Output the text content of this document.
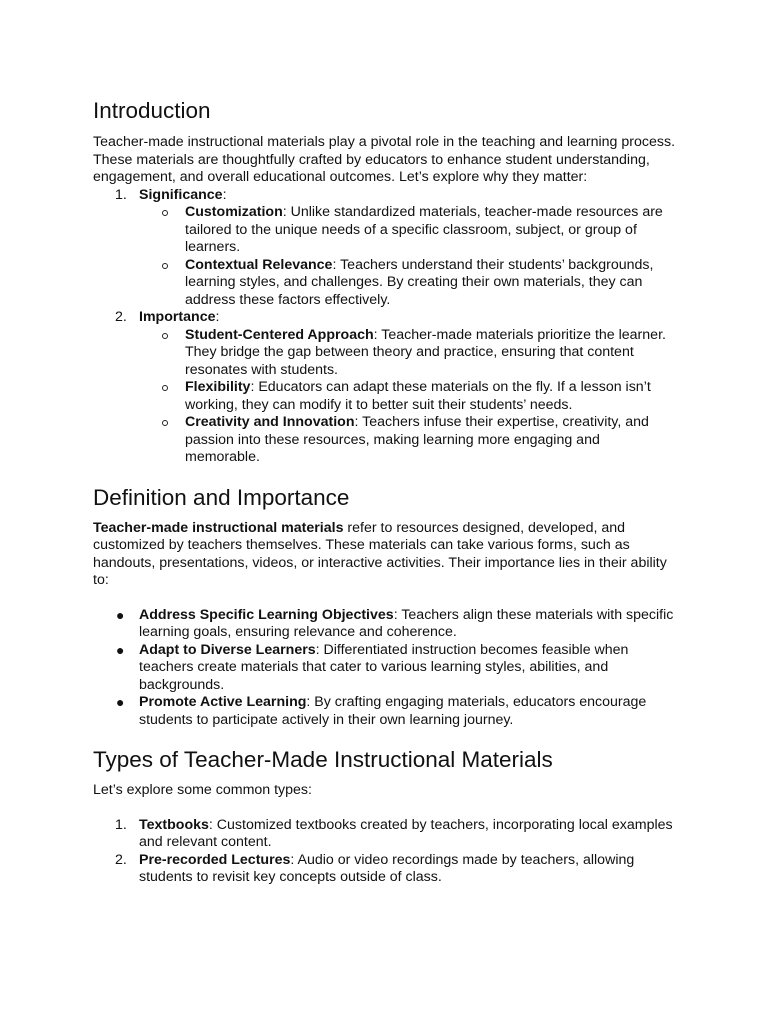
Introduction

Teacher-made instructional materials play a pivotal role in the teaching and learning process. These materials are thoughtfully crafted by educators to enhance student understanding, engagement, and overall educational outcomes. Let’s explore why they matter:

1. Significance:
Customization: Unlike standardized materials, teacher-made resources are tailored to the unique needs of a specific classroom, subject, or group of learners.
Contextual Relevance: Teachers understand their students’ backgrounds, learning styles, and challenges. By creating their own materials, they can address these factors effectively.
2. Importance:
Student-Centered Approach: Teacher-made materials prioritize the learner. They bridge the gap between theory and practice, ensuring that content resonates with students.
Flexibility: Educators can adapt these materials on the fly. If a lesson isn’t working, they can modify it to better suit their students’ needs.
Creativity and Innovation: Teachers infuse their expertise, creativity, and passion into these resources, making learning more engaging and memorable.
Definition and Importance

Teacher-made instructional materials refer to resources designed, developed, and customized by teachers themselves. These materials can take various forms, such as handouts, presentations, videos, or interactive activities. Their importance lies in their ability to:

● Address Specific Learning Objectives: Teachers align these materials with specific learning goals, ensuring relevance and coherence.
● Adapt to Diverse Learners: Differentiated instruction becomes feasible when teachers create materials that cater to various learning styles, abilities, and backgrounds.
● Promote Active Learning: By crafting engaging materials, educators encourage students to participate actively in their own learning journey.
Types of Teacher-Made Instructional Materials

Let’s explore some common types:

1. Textbooks: Customized textbooks created by teachers, incorporating local examples and relevant content.
2. Pre-recorded Lectures: Audio or video recordings made by teachers, allowing students to revisit key concepts outside of class.
